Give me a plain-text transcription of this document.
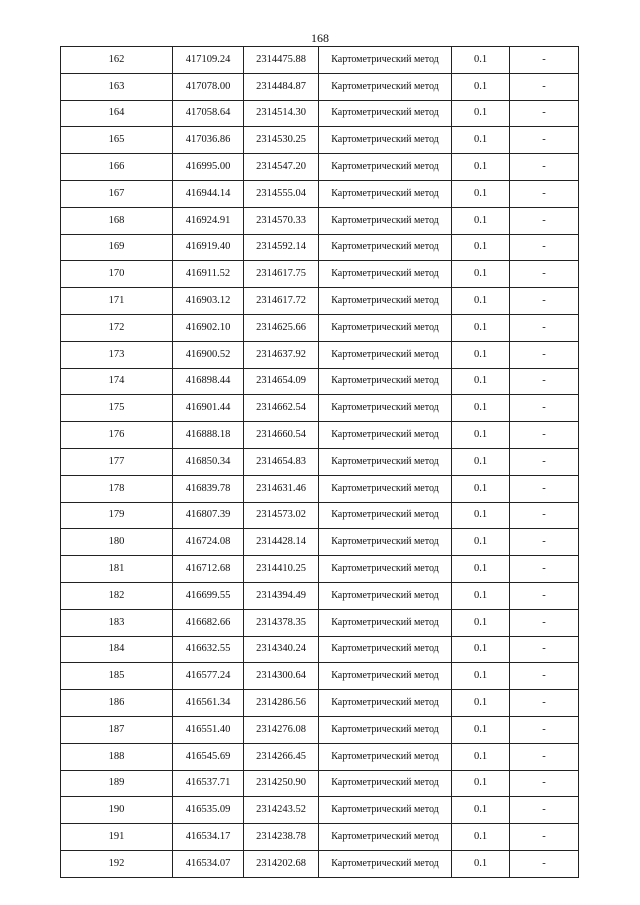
168
162	417109.24	2314475.88	Картометрический метод	0.1	-
163	417078.00	2314484.87	Картометрический метод	0.1	-
164	417058.64	2314514.30	Картометрический метод	0.1	-
165	417036.86	2314530.25	Картометрический метод	0.1	-
166	416995.00	2314547.20	Картометрический метод	0.1	-
167	416944.14	2314555.04	Картометрический метод	0.1	-
168	416924.91	2314570.33	Картометрический метод	0.1	-
169	416919.40	2314592.14	Картометрический метод	0.1	-
170	416911.52	2314617.75	Картометрический метод	0.1	-
171	416903.12	2314617.72	Картометрический метод	0.1	-
172	416902.10	2314625.66	Картометрический метод	0.1	-
173	416900.52	2314637.92	Картометрический метод	0.1	-
174	416898.44	2314654.09	Картометрический метод	0.1	-
175	416901.44	2314662.54	Картометрический метод	0.1	-
176	416888.18	2314660.54	Картометрический метод	0.1	-
177	416850.34	2314654.83	Картометрический метод	0.1	-
178	416839.78	2314631.46	Картометрический метод	0.1	-
179	416807.39	2314573.02	Картометрический метод	0.1	-
180	416724.08	2314428.14	Картометрический метод	0.1	-
181	416712.68	2314410.25	Картометрический метод	0.1	-
182	416699.55	2314394.49	Картометрический метод	0.1	-
183	416682.66	2314378.35	Картометрический метод	0.1	-
184	416632.55	2314340.24	Картометрический метод	0.1	-
185	416577.24	2314300.64	Картометрический метод	0.1	-
186	416561.34	2314286.56	Картометрический метод	0.1	-
187	416551.40	2314276.08	Картометрический метод	0.1	-
188	416545.69	2314266.45	Картометрический метод	0.1	-
189	416537.71	2314250.90	Картометрический метод	0.1	-
190	416535.09	2314243.52	Картометрический метод	0.1	-
191	416534.17	2314238.78	Картометрический метод	0.1	-
192	416534.07	2314202.68	Картометрический метод	0.1	-
